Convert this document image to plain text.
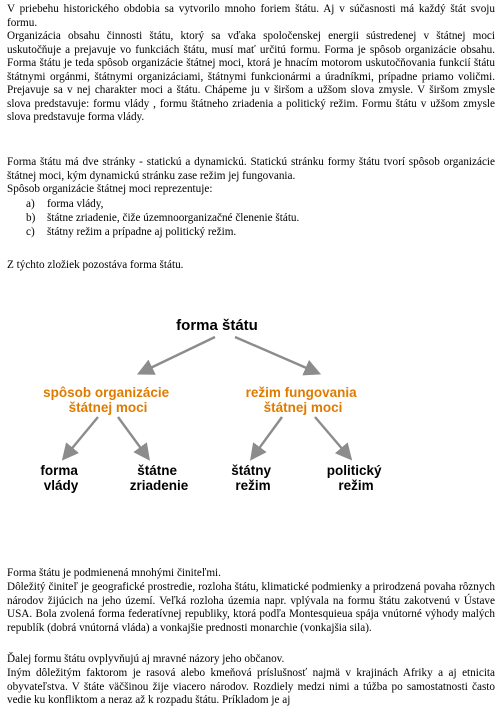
V priebehu historického obdobia sa vytvorilo mnoho foriem štátu. Aj v súčasnosti má každý štát svoju formu.

Organizácia obsahu činnosti štátu, ktorý sa vďaka spoločenskej energii sústredenej v štátnej moci uskutočňuje a prejavuje vo funkciách štátu, musí mať určitú formu. Forma je spôsob organizácie obsahu. Forma štátu je teda spôsob organizácie štátnej moci, ktorá je hnacím motorom uskutočňovania funkcií štátu štátnymi orgánmi, štátnymi organizáciami, štátnymi funkcionármi a úradníkmi, prípadne priamo voličmi. Prejavuje sa v nej charakter moci a štátu. Chápeme ju v širšom a užšom slova zmysle. V širšom zmysle slova predstavuje: formu vlády , formu štátneho zriadenia a politický režim. Formu štátu v užšom zmysle slova predstavuje forma vlády.

Forma štátu má dve stránky - statickú a dynamickú. Statickú stránku formy štátu tvorí spôsob organizácie štátnej moci, kým dynamickú stránku zase režim jej fungovania.

Spôsob organizácie štátnej moci reprezentuje:

a) forma vlády,
b) štátne zriadenie, čiže územnoorganizačné členenie štátu.
c) štátny režim a prípadne aj politický režim.

Z týchto zložiek pozostáva forma štátu.

forma štátu
spôsob organizácie štátnej moci
režim fungovania štátnej moci
forma vlády
štátne zriadenie
štátny režim
politický režim

Forma štátu je podmienená mnohými činiteľmi.

Dôležitý činiteľ je geografické prostredie, rozloha štátu, klimatické podmienky a prirodzená povaha rôznych národov žijúcich na jeho území. Veľká rozloha územia napr. vplývala na formu štátu zakotvenú v Ústave USA. Bola zvolená forma federatívnej republiky, ktorá podľa Montesquieua spája vnútorné výhody malých republík (dobrá vnútorná vláda) a vonkajšie prednosti monarchie (vonkajšia sila).

Ďalej formu štátu ovplyvňujú aj mravné názory jeho občanov.

Iným dôležitým faktorom je rasová alebo kmeňová príslušnosť najmä v krajinách Afriky a aj etnicita obyvateľstva. V štáte väčšinou žije viacero národov. Rozdiely medzi nimi a túžba po samostatnosti často vedie ku konfliktom a neraz až k rozpadu štátu. Príkladom je aj
